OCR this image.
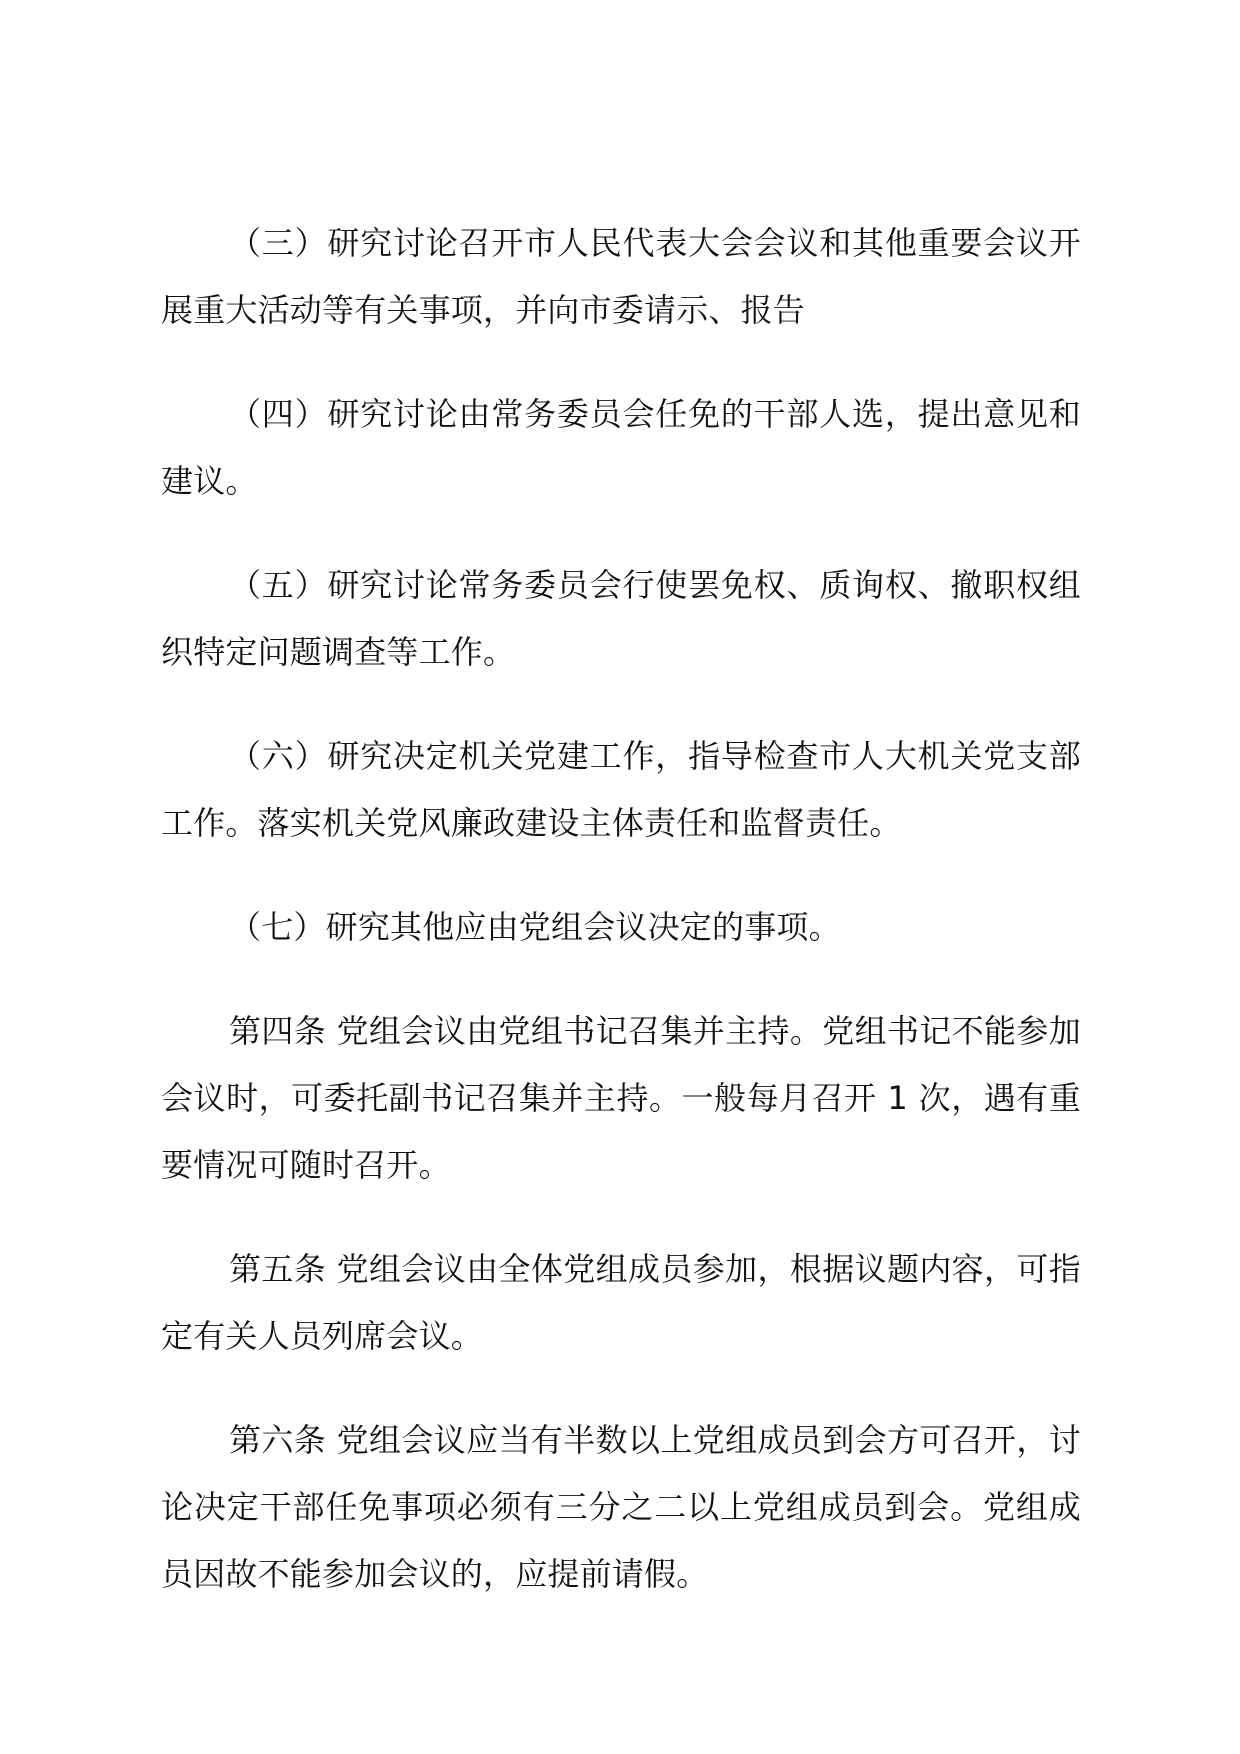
（三）研究讨论召开市人民代表大会会议和其他重要会议开展重大活动等有关事项，并向市委请示、报告

（四）研究讨论由常务委员会任免的干部人选，提出意见和建议。

（五）研究讨论常务委员会行使罢免权、质询权、撤职权组织特定问题调查等工作。

（六）研究决定机关党建工作，指导检查市人大机关党支部工作。落实机关党风廉政建设主体责任和监督责任。

（七）研究其他应由党组会议决定的事项。

第四条 党组会议由党组书记召集并主持。党组书记不能参加会议时，可委托副书记召集并主持。一般每月召开 1 次，遇有重要情况可随时召开。

第五条 党组会议由全体党组成员参加，根据议题内容，可指定有关人员列席会议。

第六条 党组会议应当有半数以上党组成员到会方可召开，讨论决定干部任免事项必须有三分之二以上党组成员到会。党组成员因故不能参加会议的，应提前请假。
